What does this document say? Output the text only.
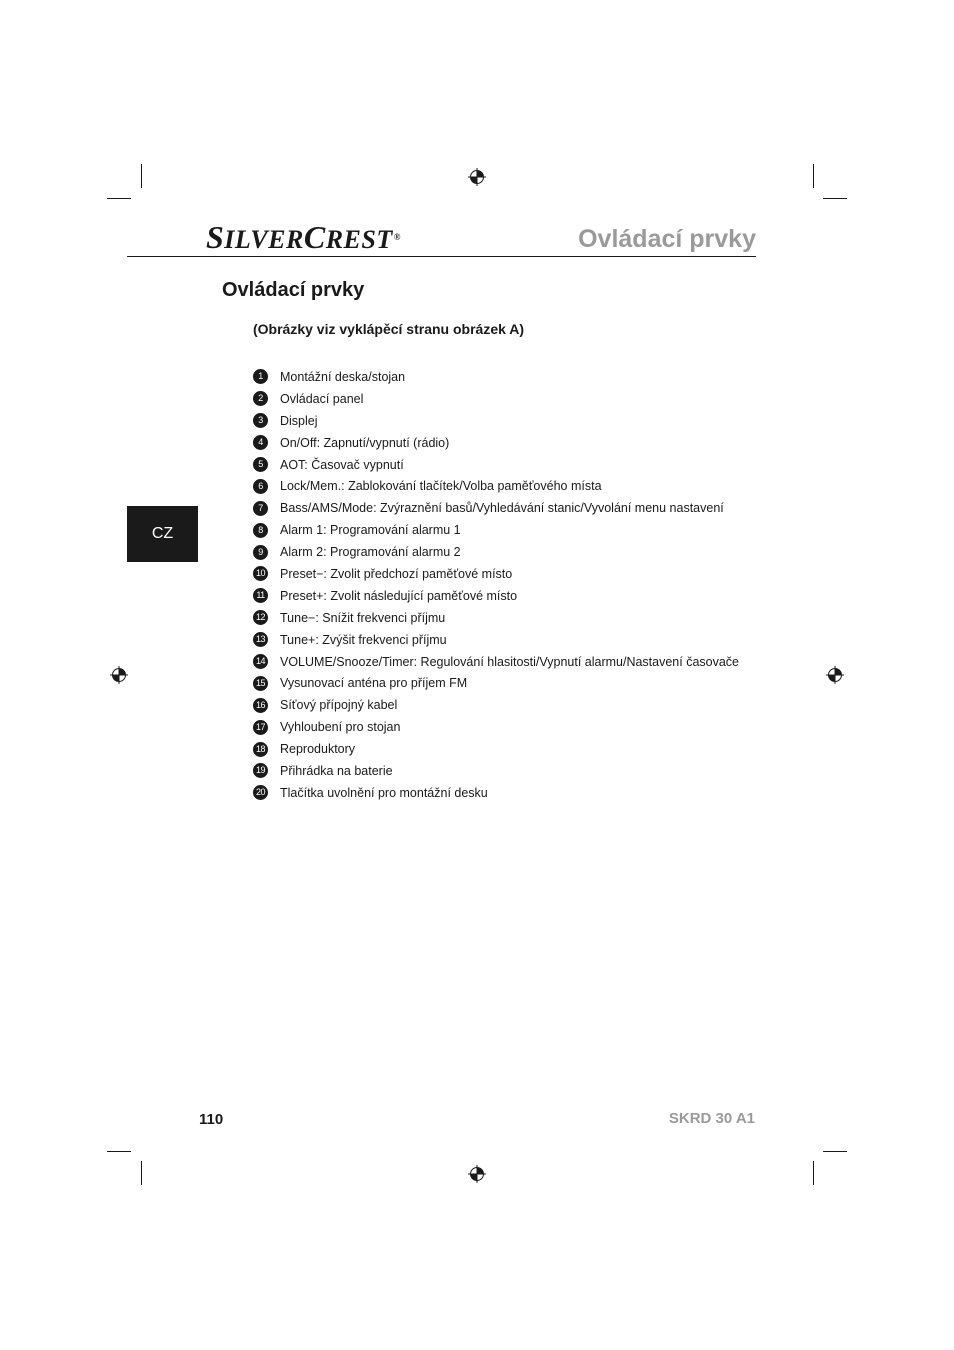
SILVERCREST®	Ovládací prvky
Ovládací prvky
(Obrázky viz vyklápěcí stranu obrázek A)
CZ
1	Montážní deska/stojan
2	Ovládací panel
3	Displej
4	On/Off: Zapnutí/vypnutí (rádio)
5	AOT: Časovač vypnutí
6	Lock/Mem.: Zablokování tlačítek/Volba paměťového místa
7	Bass/AMS/Mode: Zvýraznění basů/Vyhledávání stanic/Vyvolání menu nastavení
8	Alarm 1: Programování alarmu 1
9	Alarm 2: Programování alarmu 2
10 Preset−: Zvolit předchozí paměťové místo
11 Preset+: Zvolit následující paměťové místo
12 Tune−: Snížit frekvenci příjmu
13 Tune+: Zvýšit frekvenci příjmu
14 VOLUME/Snooze/Timer: Regulování hlasitosti/Vypnutí alarmu/Nastavení časovače
15 Vysunovací anténa pro příjem FM
16 Síťový přípojný kabel
17 Vyhloubení pro stojan
18 Reproduktory
19 Přihrádka na baterie
20 Tlačítka uvolnění pro montážní desku
110	SKRD 30 A1
